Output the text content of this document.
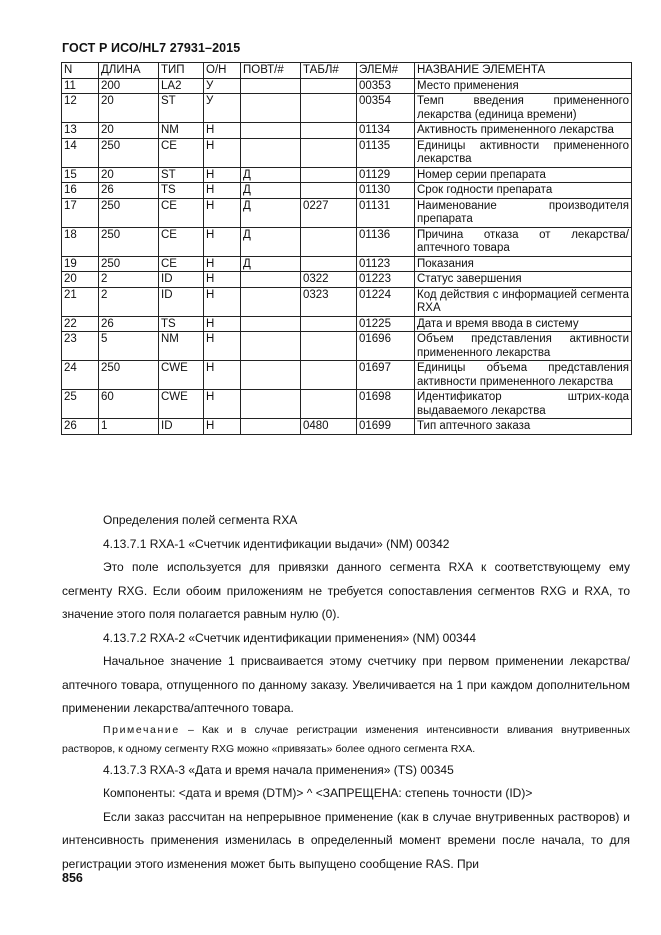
ГОСТ Р ИСО/HL7 27931–2015
N	ДЛИНА	ТИП	О/Н	ПОВТ/#	ТАБЛ#	ЭЛЕМ#	НАЗВАНИЕ ЭЛЕМЕНТА
11	200	LA2	У			00353	Место применения
12	20	ST	У			00354	Темп введения примененного лекарства (единица времени)
13	20	NM	Н			01134	Активность примененного лекарства
14	250	CE	Н			01135	Единицы активности примененного лекарства
15	20	ST	Н	Д		01129	Номер серии препарата
16	26	TS	Н	Д		01130	Срок годности препарата
17	250	CE	Н	Д	0227	01131	Наименование производителя препарата
18	250	CE	Н	Д		01136	Причина отказа от лекарства/аптечного товара
19	250	CE	Н	Д		01123	Показания
20	2	ID	Н		0322	01223	Статус завершения
21	2	ID	Н		0323	01224	Код действия с информацией сегмента RXA
22	26	TS	Н			01225	Дата и время ввода в систему
23	5	NM	Н			01696	Объем представления активности примененного лекарства
24	250	CWE	Н			01697	Единицы объема представления активности примененного лекарства
25	60	CWE	Н			01698	Идентификатор штрих-кода выдаваемого лекарства
26	1	ID	Н		0480	01699	Тип аптечного заказа

Определения полей сегмента RXA

4.13.7.1 RXA-1 «Счетчик идентификации выдачи» (NM) 00342

Это поле используется для привязки данного сегмента RXA к соответствующему ему сегменту RXG. Если обоим приложениям не требуется сопоставления сегментов RXG и RXA, то значение этого поля полагается равным нулю (0).

4.13.7.2 RXA-2 «Счетчик идентификации применения» (NM) 00344

Начальное значение 1 присваивается этому счетчику при первом применении лекарства/аптечного товара, отпущенного по данному заказу. Увеличивается на 1 при каждом дополнительном применении лекарства/аптечного товара.

Примечание – Как и в случае регистрации изменения интенсивности вливания внутривенных растворов, к одному сегменту RXG можно «привязать» более одного сегмента RXA.

4.13.7.3 RXA-3 «Дата и время начала применения» (TS) 00345

Компоненты: <дата и время (DTM)> ^ <ЗАПРЕЩЕНА: степень точности (ID)>

Если заказ рассчитан на непрерывное применение (как в случае внутривенных растворов) и интенсивность применения изменилась в определенный момент времени после начала, то для регистрации этого изменения может быть выпущено сообщение RAS. При

856
